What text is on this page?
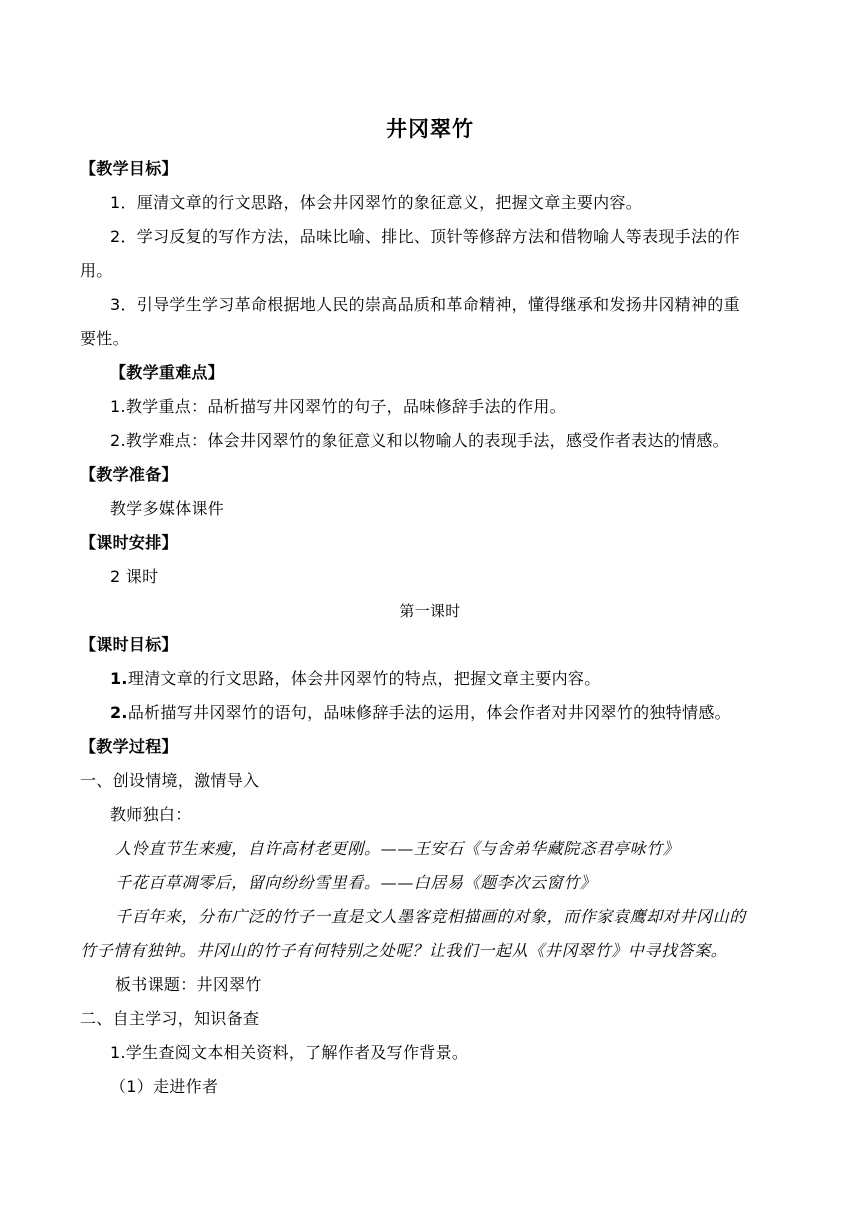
井冈翠竹
【教学目标】
1．厘清文章的行文思路，体会井冈翠竹的象征意义，把握文章主要内容。
2．学习反复的写作方法，品味比喻、排比、顶针等修辞方法和借物喻人等表现手法的作
用。
3．引导学生学习革命根据地人民的崇高品质和革命精神，懂得继承和发扬井冈精神的重
要性。
【教学重难点】
1.教学重点：品析描写井冈翠竹的句子，品味修辞手法的作用。
2.教学难点：体会井冈翠竹的象征意义和以物喻人的表现手法，感受作者表达的情感。
【教学准备】
教学多媒体课件
【课时安排】
2 课时
第一课时
【课时目标】
1.理清文章的行文思路，体会井冈翠竹的特点，把握文章主要内容。
2.品析描写井冈翠竹的语句，品味修辞手法的运用，体会作者对井冈翠竹的独特情感。
【教学过程】
一、创设情境，激情导入
教师独白：
人怜直节生来瘦，自许高材老更刚。——王安石《与舍弟华藏院忞君亭咏竹》
千花百草凋零后，留向纷纷雪里看。——白居易《题李次云窗竹》
千百年来，分布广泛的竹子一直是文人墨客竞相描画的对象，而作家袁鹰却对井冈山的
竹子情有独钟。井冈山的竹子有何特别之处呢？让我们一起从《井冈翠竹》中寻找答案。
板书课题：井冈翠竹
二、自主学习，知识备查
1.学生查阅文本相关资料，了解作者及写作背景。
（1）走进作者
